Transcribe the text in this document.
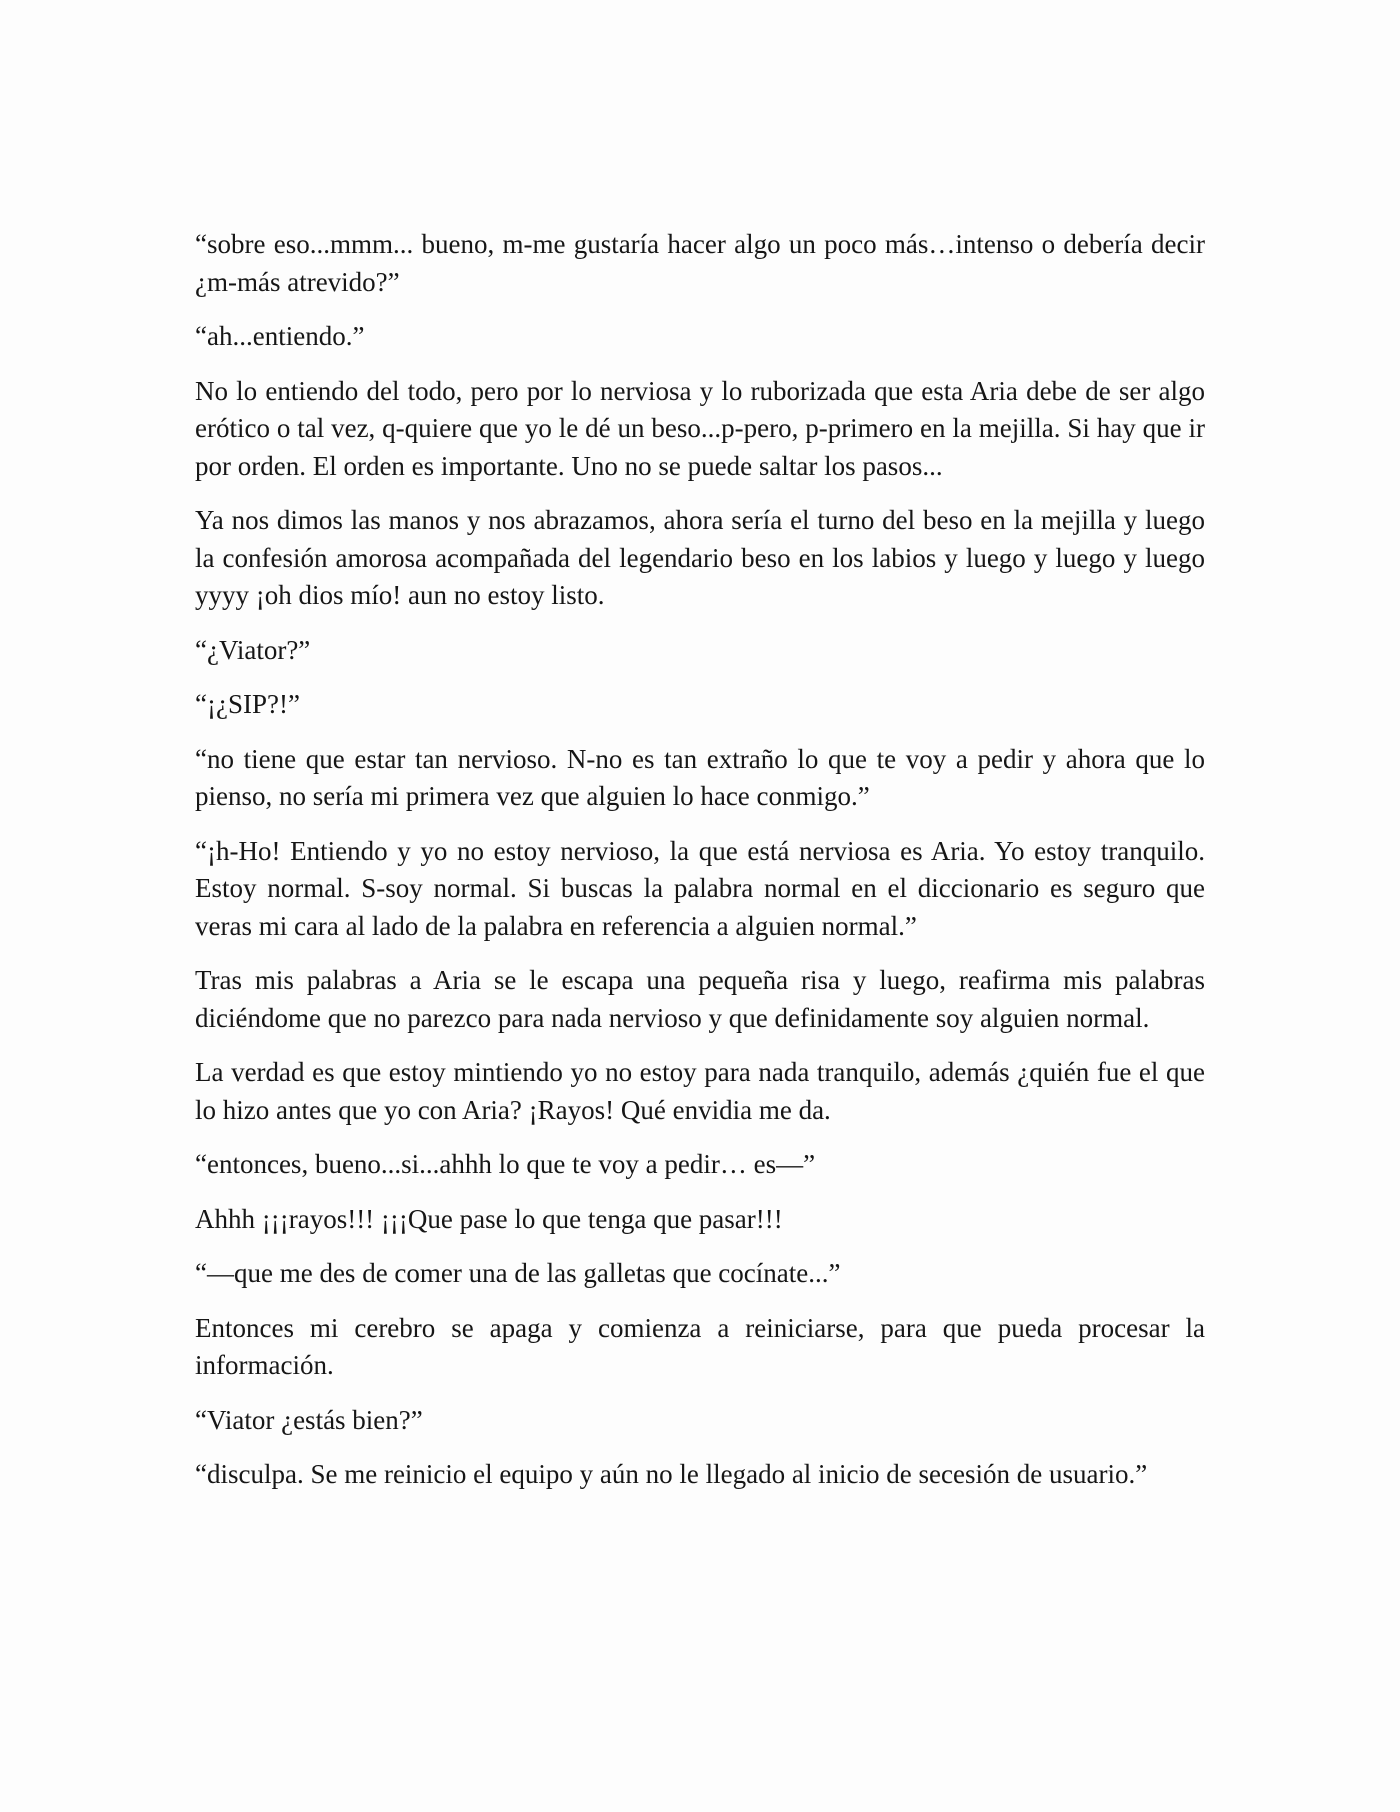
“sobre eso...mmm... bueno, m-me gustaría hacer algo un poco más…intenso o debería decir ¿m-más atrevido?”

“ah...entiendo.”

No lo entiendo del todo, pero por lo nerviosa y lo ruborizada que esta Aria debe de ser algo erótico o tal vez, q-quiere que yo le dé un beso...p-pero, p-primero en la mejilla. Si hay que ir por orden. El orden es importante. Uno no se puede saltar los pasos...

Ya nos dimos las manos y nos abrazamos, ahora sería el turno del beso en la mejilla y luego la confesión amorosa acompañada del legendario beso en los labios y luego y luego y luego yyyy ¡oh dios mío! aun no estoy listo.

“¿Viator?”

“¡¿SIP?!”

“no tiene que estar tan nervioso. N-no es tan extraño lo que te voy a pedir y ahora que lo pienso, no sería mi primera vez que alguien lo hace conmigo.”

“¡h-Ho! Entiendo y yo no estoy nervioso, la que está nerviosa es Aria. Yo estoy tranquilo. Estoy normal. S-soy normal. Si buscas la palabra normal en el diccionario es seguro que veras mi cara al lado de la palabra en referencia a alguien normal.”

Tras mis palabras a Aria se le escapa una pequeña risa y luego, reafirma mis palabras diciéndome que no parezco para nada nervioso y que definidamente soy alguien normal.

La verdad es que estoy mintiendo yo no estoy para nada tranquilo, además ¿quién fue el que lo hizo antes que yo con Aria? ¡Rayos! Qué envidia me da.

“entonces, bueno...si...ahhh lo que te voy a pedir… es—”

Ahhh ¡¡¡rayos!!! ¡¡¡Que pase lo que tenga que pasar!!!

“—que me des de comer una de las galletas que cocínate...”

Entonces mi cerebro se apaga y comienza a reiniciarse, para que pueda procesar la información.

“Viator ¿estás bien?”

“disculpa. Se me reinicio el equipo y aún no le llegado al inicio de secesión de usuario.”
